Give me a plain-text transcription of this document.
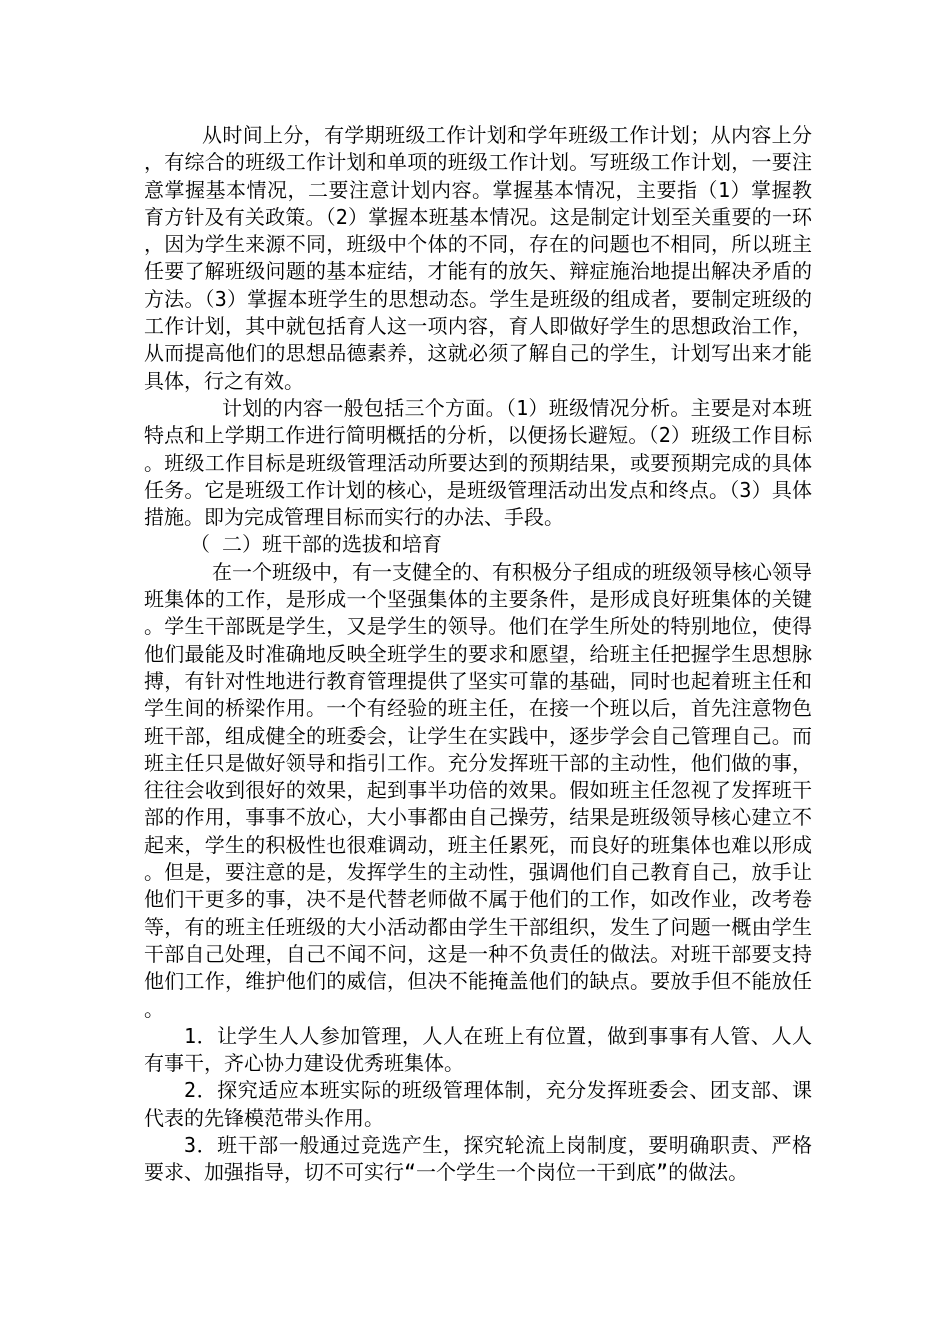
从时间上分，有学期班级工作计划和学年班级工作计划；从内容上分，有综合的班级工作计划和单项的班级工作计划。写班级工作计划，一要注意掌握基本情况，二要注意计划内容。掌握基本情况，主要指（1）掌握教育方针及有关政策。（2）掌握本班基本情况。这是制定计划至关重要的一环，因为学生来源不同，班级中个体的不同，存在的问题也不相同，所以班主任要了解班级问题的基本症结，才能有的放矢、辩症施治地提出解决矛盾的方法。（3）掌握本班学生的思想动态。学生是班级的组成者，要制定班级的工作计划，其中就包括育人这一项内容，育人即做好学生的思想政治工作，从而提高他们的思想品德素养，这就必须了解自己的学生，计划写出来才能具体，行之有效。

计划的内容一般包括三个方面。（1）班级情况分析。主要是对本班特点和上学期工作进行简明概括的分析，以便扬长避短。（2）班级工作目标。班级工作目标是班级管理活动所要达到的预期结果，或要预期完成的具体任务。它是班级工作计划的核心，是班级管理活动出发点和终点。（3）具体措施。即为完成管理目标而实行的办法、手段。

（ 二）班干部的选拔和培育

在一个班级中，有一支健全的、有积极分子组成的班级领导核心领导班集体的工作，是形成一个坚强集体的主要条件，是形成良好班集体的关键。学生干部既是学生，又是学生的领导。他们在学生所处的特别地位，使得他们最能及时准确地反映全班学生的要求和愿望，给班主任把握学生思想脉搏，有针对性地进行教育管理提供了坚实可靠的基础，同时也起着班主任和学生间的桥梁作用。一个有经验的班主任，在接一个班以后，首先注意物色班干部，组成健全的班委会，让学生在实践中，逐步学会自己管理自己。而班主任只是做好领导和指引工作。充分发挥班干部的主动性，他们做的事，往往会收到很好的效果，起到事半功倍的效果。假如班主任忽视了发挥班干部的作用，事事不放心，大小事都由自己操劳，结果是班级领导核心建立不起来，学生的积极性也很难调动，班主任累死，而良好的班集体也难以形成。但是，要注意的是，发挥学生的主动性，强调他们自己教育自己，放手让他们干更多的事，决不是代替老师做不属于他们的工作，如改作业，改考卷等，有的班主任班级的大小活动都由学生干部组织，发生了问题一概由学生干部自己处理，自己不闻不问，这是一种不负责任的做法。对班干部要支持他们工作，维护他们的威信，但决不能掩盖他们的缺点。要放手但不能放任。

1．让学生人人参加管理，人人在班上有位置，做到事事有人管、人人有事干，齐心协力建设优秀班集体。

2．探究适应本班实际的班级管理体制，充分发挥班委会、团支部、课代表的先锋模范带头作用。

3．班干部一般通过竞选产生，探究轮流上岗制度，要明确职责、严格要求、加强指导，切不可实行“一个学生一个岗位一干到底”的做法。
